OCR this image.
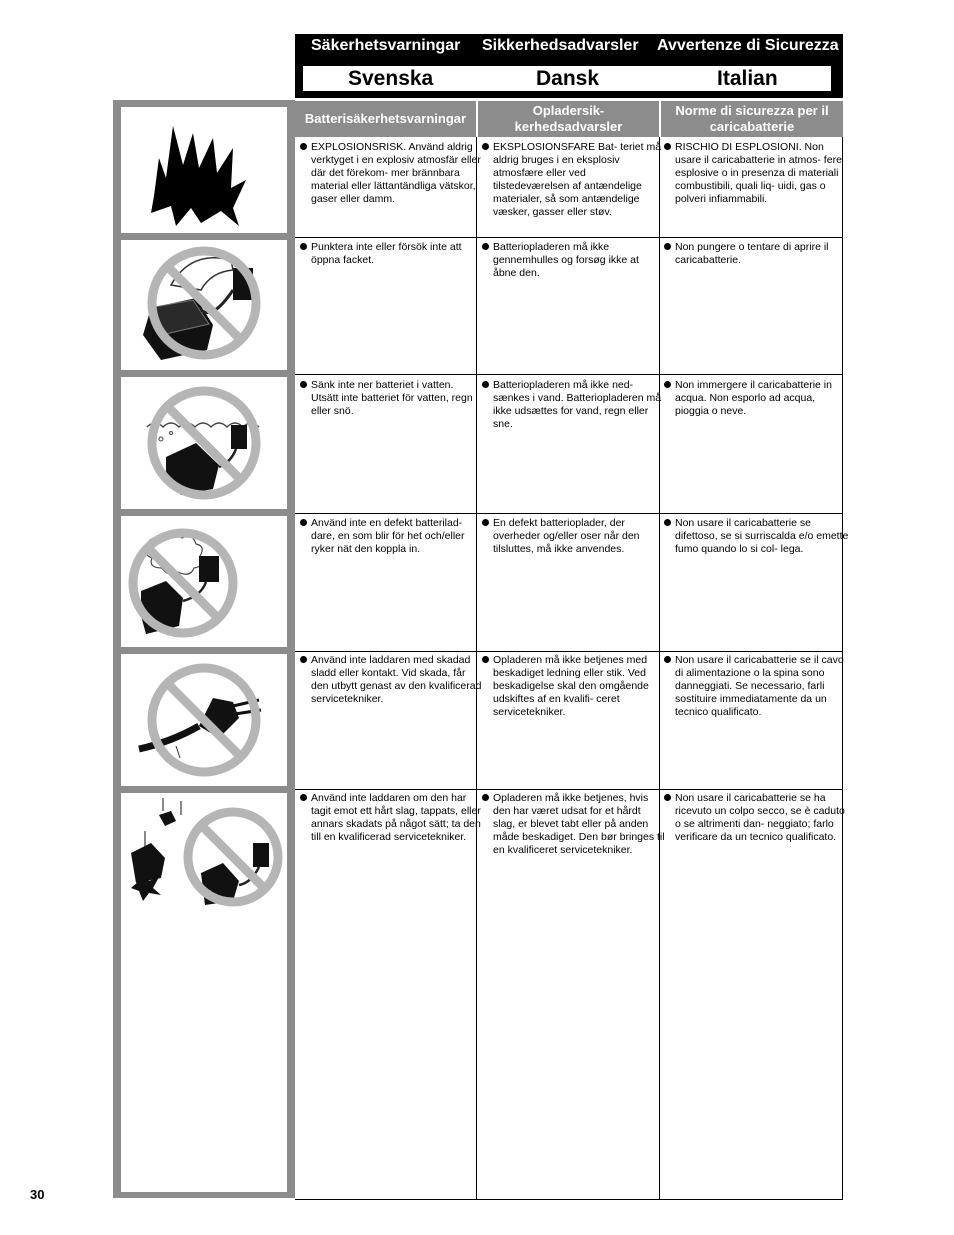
Säkerhetsvarningar Sikkerhedsadvarsler Avvertenze di Sicurezza
Svenska	Dansk	Italian
Batterisäkerhetsvarningar
Opladersik-
kerhedsadvarsler
Norme di sicurezza per il
caricabatterie
EXPLOSIONSRISK. Använd aldrig verktyget i en explosiv atmosfär eller där det förekom- mer brännbara material eller lättantändliga vätskor, gaser eller damm.
EKSPLOSIONSFARE Bat- teriet må aldrig bruges i en eksplosiv atmosfære eller ved tilstedeværelsen af antændelige materialer, så som antændelige væsker, gasser eller støv.
RISCHIO DI ESPLOSIONI. Non usare il caricabatterie in atmos- fere esplosive o in presenza di materiali combustibili, quali liq- uidi, gas o polveri infiammabili.
Punktera inte eller försök inte att öppna facket.
Batteriopladeren må ikke gennemhulles og forsøg ikke at åbne den.
Non pungere o tentare di aprire il caricabatterie.
Sänk inte ner batteriet i vatten. Utsätt inte batteriet för vatten, regn eller snö.
Batteriopladeren må ikke ned- sænkes i vand. Batteriopladeren må ikke udsættes for vand, regn eller sne.
Non immergere il caricabatterie in acqua. Non esporlo ad acqua, pioggia o neve.
Använd inte en defekt batterilad- dare, en som blir för het och/eller ryker nät den koppla in.
En defekt batterioplader, der overheder og/eller oser når den tilsluttes, må ikke anvendes.
Non usare il caricabatterie se difettoso, se si surriscalda e/o emette fumo quando lo si col- lega.
Använd inte laddaren med skadad sladd eller kontakt. Vid skada, får den utbytt genast av den kvalificerad servicetekniker.
Opladeren må ikke betjenes med beskadiget ledning eller stik. Ved beskadigelse skal den omgående udskiftes af en kvalifi- ceret servicetekniker.
Non usare il caricabatterie se il cavo di alimentazione o la spina sono danneggiati. Se necessario, farli sostituire immediatamente da un tecnico qualificato.
Använd inte laddaren om den har tagit emot ett hårt slag, tappats, eller annars skadats på något sätt; ta den till en kvalificerad servicetekniker.
Opladeren må ikke betjenes, hvis den har været udsat for et hårdt slag, er blevet tabt eller på anden måde beskadiget. Den bør bringes til en kvalificeret servicetekniker.
Non usare il caricabatterie se ha ricevuto un colpo secco, se è caduto o se altrimenti dan- neggiato; farlo verificare da un tecnico qualificato.
30
